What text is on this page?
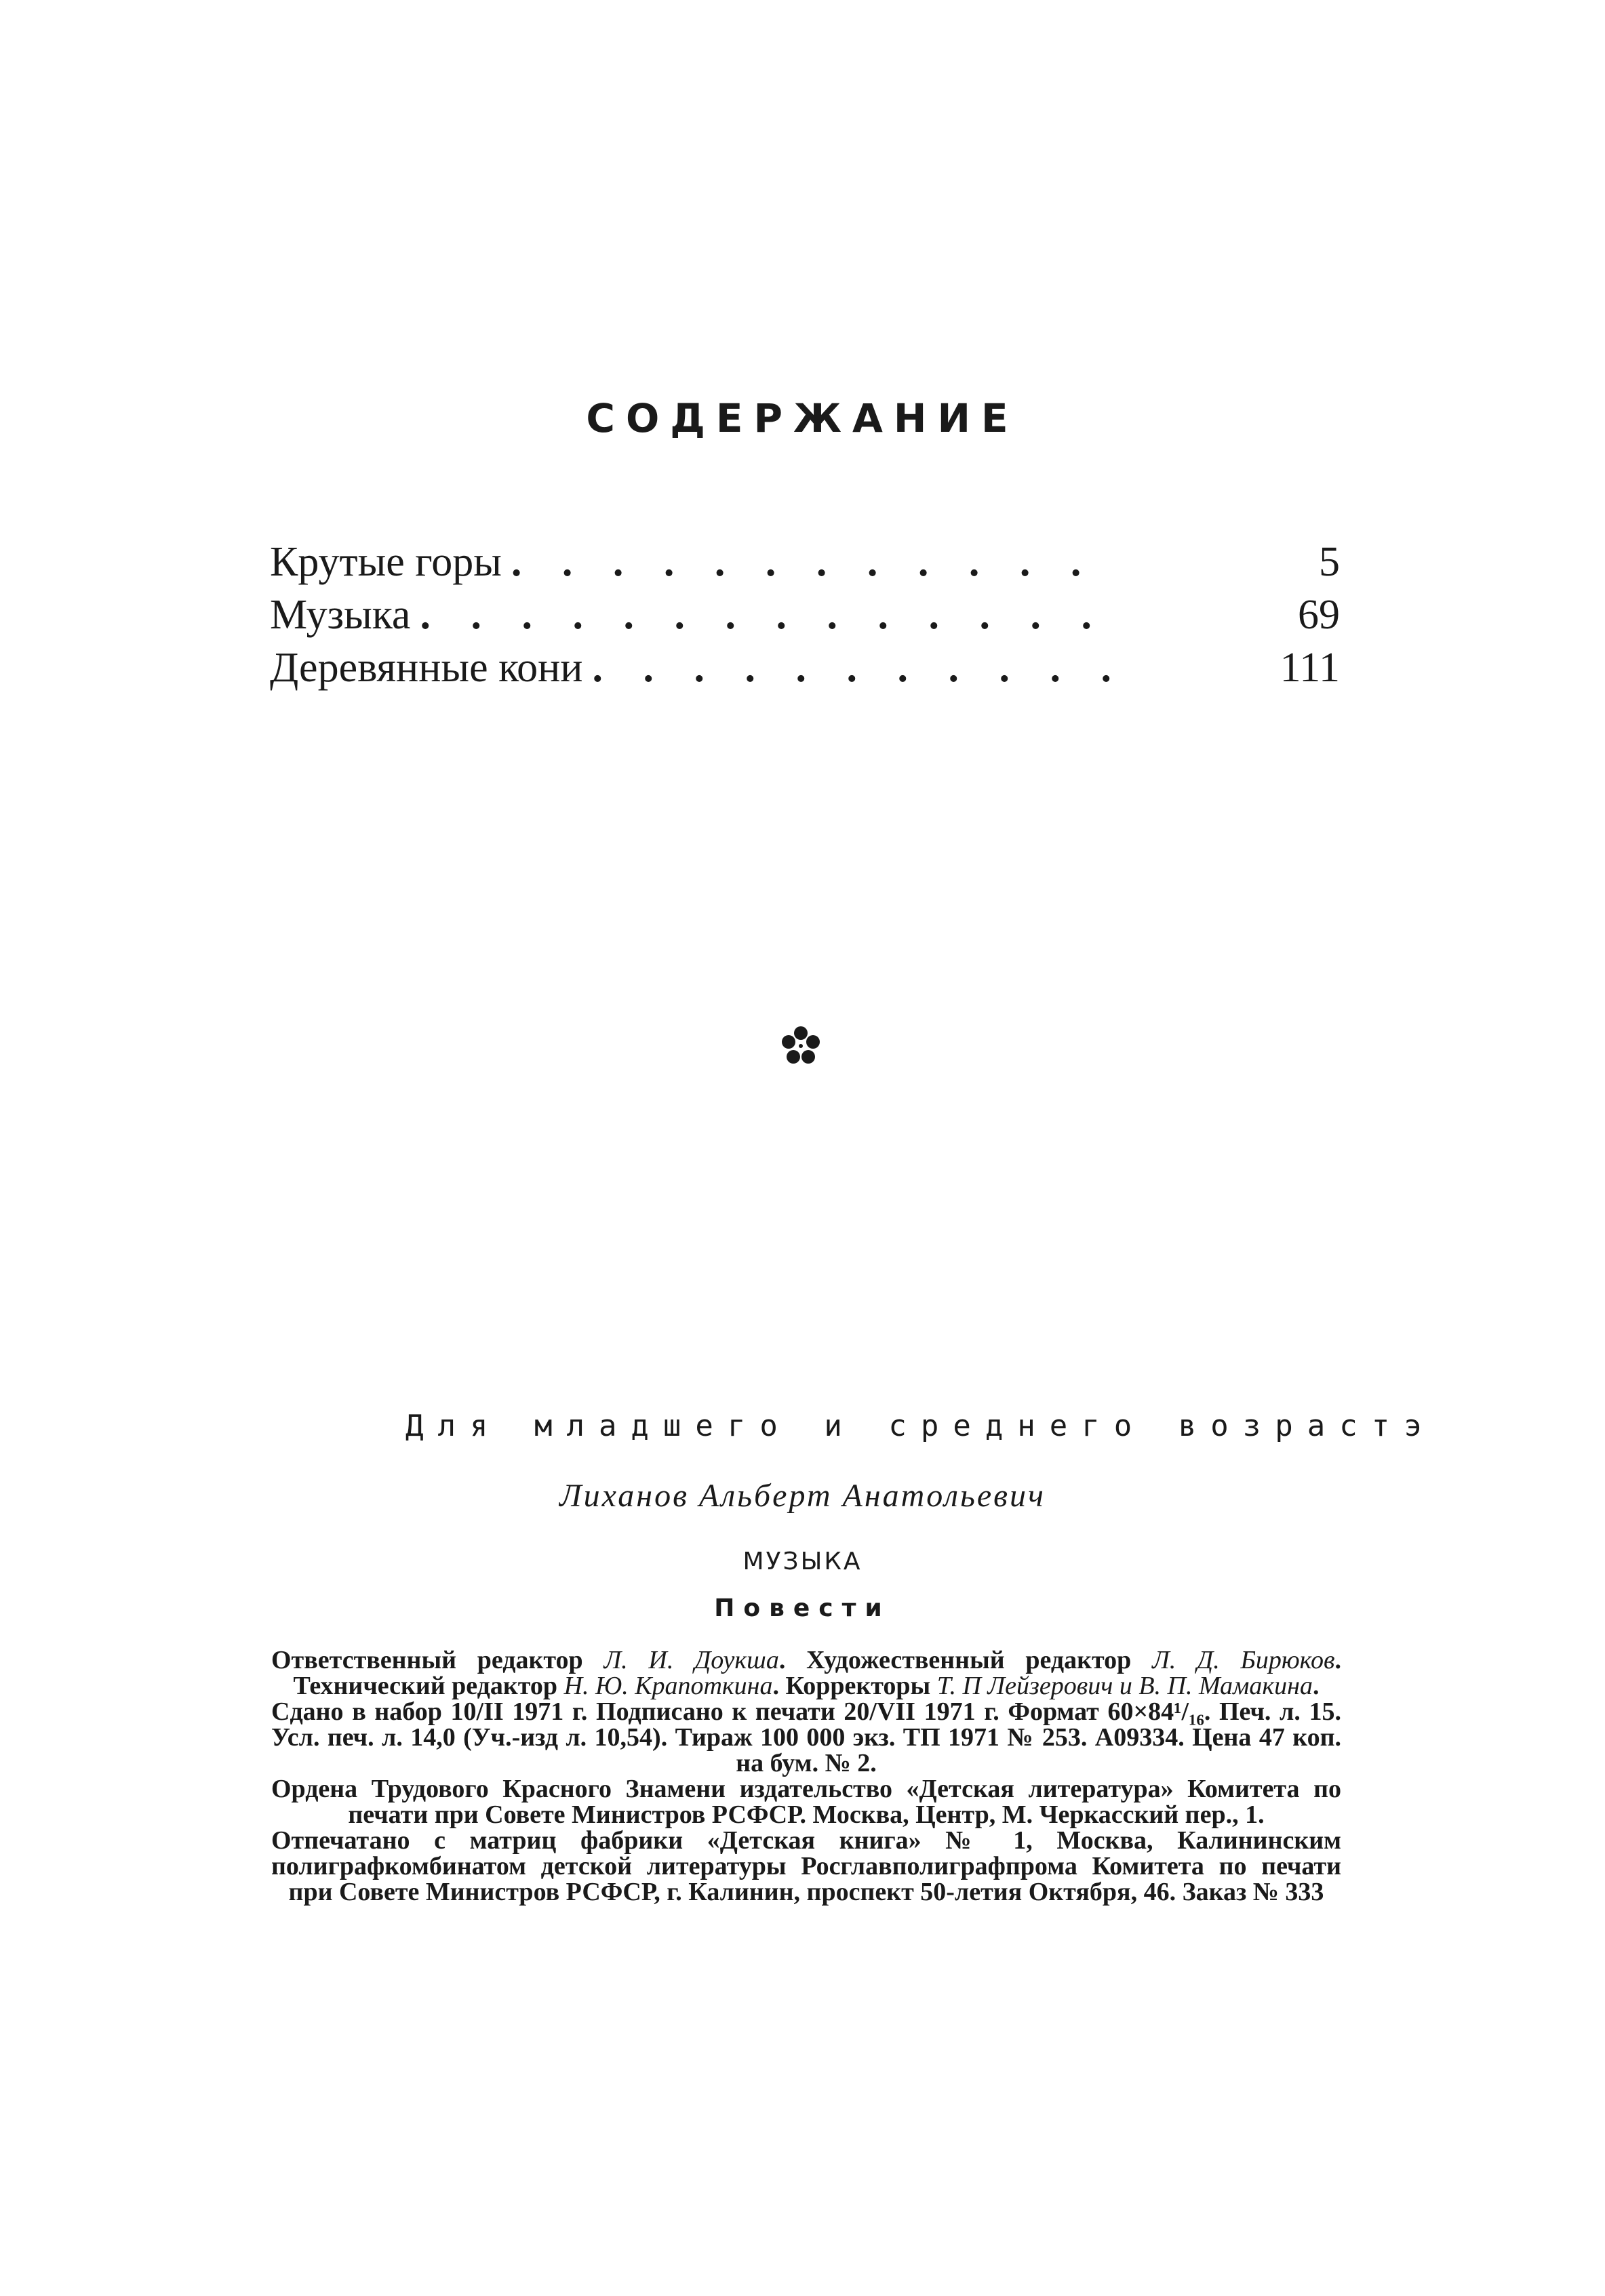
СОДЕРЖАНИЕ
Крутые горы . . . . . . . . . . . .	5
Музыка . . . . . . . . . . . . . .	69
Деревянные кони . . . . . . . . . . .	111
Для младшего и среднего возрастэ
Лиханов Альберт Анатольевич
МУЗЫКА
Повести

Ответственный редактор Л. И. Доукша. Художественный редактор Л. Д. Бирюков. Технический редактор Н. Ю. Крапоткина. Корректоры Т. П Лейзерович и В. П. Мамакина.

Сдано в набор 10/II 1971 г. Подписано к печати 20/VII 1971 г. Формат 60×84¹/₁₆. Печ. л. 15. Усл. печ. л. 14,0 (Уч.-изд л. 10,54). Тираж 100 000 экз. ТП 1971 № 253. А09334. Цена 47 коп. на бум. № 2.

Ордена Трудового Красного Знамени издательство «Детская литература» Комитета по печати при Совете Министров РСФСР. Москва, Центр, М. Черкасский пер., 1.

Отпечатано с матриц фабрики «Детская книга» № 1, Москва, Калининским полиграфкомбинатом детской литературы Росглавполиграфпрома Комитета по печати при Совете Министров РСФСР, г. Калинин, проспект 50-летия Октября, 46. Заказ № 333
